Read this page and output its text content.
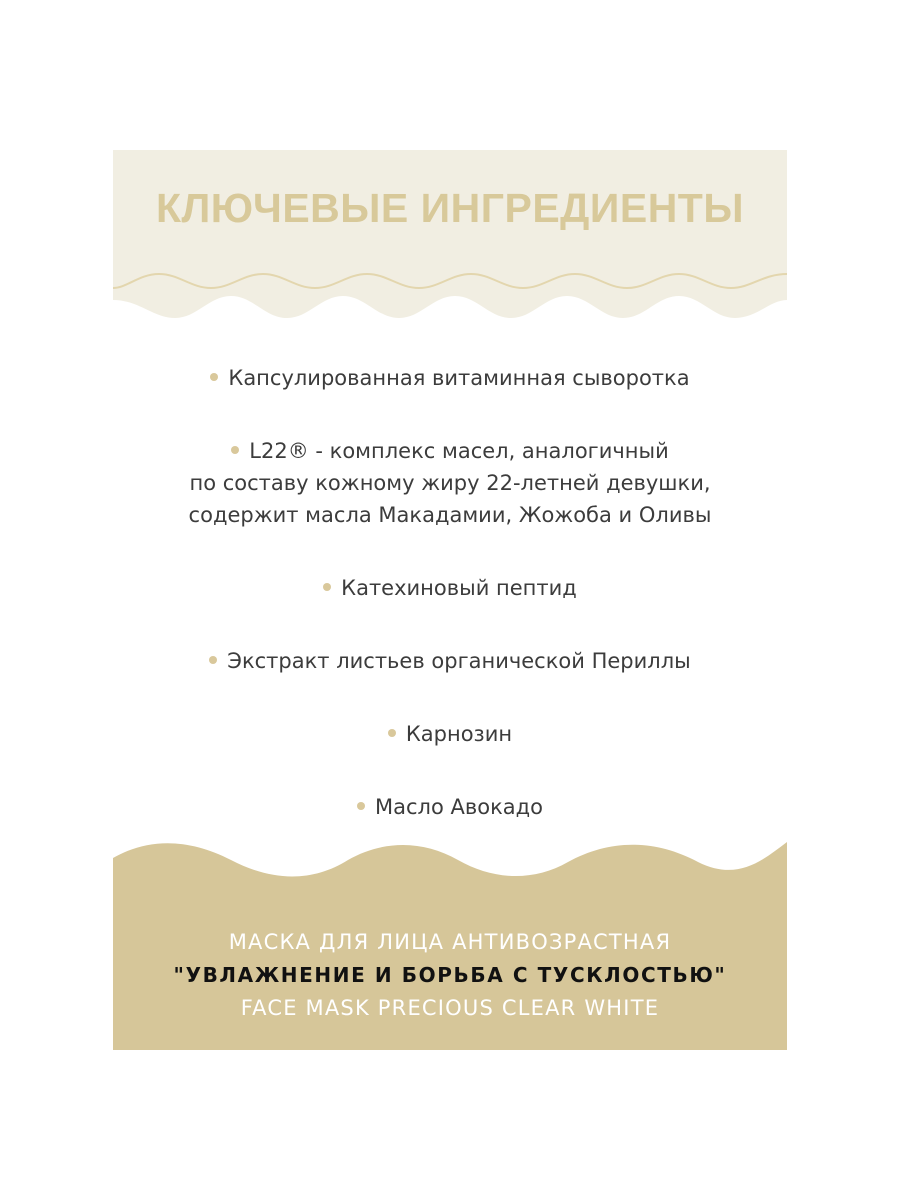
КЛЮЧЕВЫЕ ИНГРЕДИЕНТЫ
Капсулированная витаминная сыворотка
L22® - комплекс масел, аналогичный
по составу кожному жиру 22-летней девушки,
содержит масла Макадамии, Жожоба и Оливы
Катехиновый пептид
Экстракт листьев органической Периллы
Карнозин
Масло Авокадо
МАСКА ДЛЯ ЛИЦА АНТИВОЗРАСТНАЯ
"УВЛАЖНЕНИЕ И БОРЬБА С ТУСКЛОСТЬЮ"
FACE MASK PRECIOUS CLEAR WHITE
